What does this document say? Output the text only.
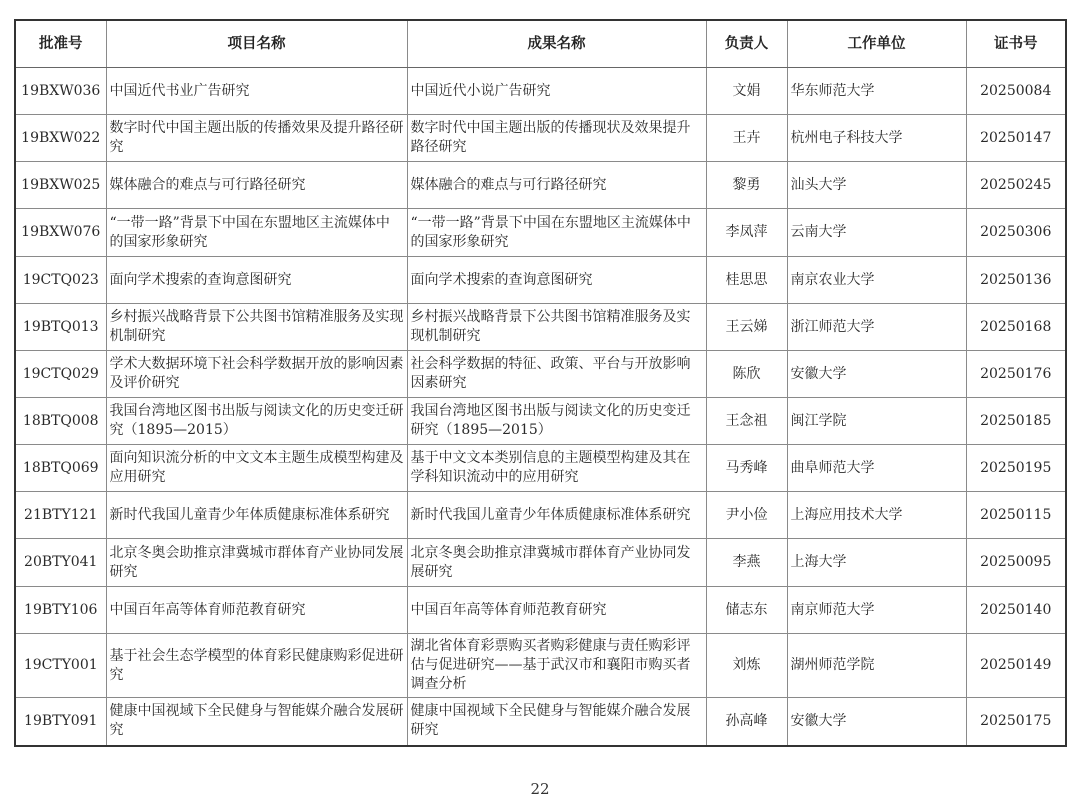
批准号	项目名称	成果名称	负责人	工作单位	证书号
19BXW036	中国近代书业广告研究	中国近代小说广告研究	文娟	华东师范大学	20250084
19BXW022	数字时代中国主题出版的传播效果及提升路径研究	数字时代中国主题出版的传播现状及效果提升路径研究	王卉	杭州电子科技大学	20250147
19BXW025	媒体融合的难点与可行路径研究	媒体融合的难点与可行路径研究	黎勇	汕头大学	20250245
19BXW076	“一带一路”背景下中国在东盟地区主流媒体中的国家形象研究	“一带一路”背景下中国在东盟地区主流媒体中的国家形象研究	李凤萍	云南大学	20250306
19CTQ023	面向学术搜索的查询意图研究	面向学术搜索的查询意图研究	桂思思	南京农业大学	20250136
19BTQ013	乡村振兴战略背景下公共图书馆精准服务及实现机制研究	乡村振兴战略背景下公共图书馆精准服务及实现机制研究	王云娣	浙江师范大学	20250168
19CTQ029	学术大数据环境下社会科学数据开放的影响因素及评价研究	社会科学数据的特征、政策、平台与开放影响因素研究	陈欣	安徽大学	20250176
18BTQ008	我国台湾地区图书出版与阅读文化的历史变迁研究（1895—2015）	我国台湾地区图书出版与阅读文化的历史变迁研究（1895—2015）	王念祖	闽江学院	20250185
18BTQ069	面向知识流分析的中文文本主题生成模型构建及应用研究	基于中文文本类别信息的主题模型构建及其在学科知识流动中的应用研究	马秀峰	曲阜师范大学	20250195
21BTY121	新时代我国儿童青少年体质健康标准体系研究	新时代我国儿童青少年体质健康标准体系研究	尹小俭	上海应用技术大学	20250115
20BTY041	北京冬奥会助推京津冀城市群体育产业协同发展研究	北京冬奥会助推京津冀城市群体育产业协同发展研究	李燕	上海大学	20250095
19BTY106	中国百年高等体育师范教育研究	中国百年高等体育师范教育研究	储志东	南京师范大学	20250140
19CTY001	基于社会生态学模型的体育彩民健康购彩促进研究	湖北省体育彩票购买者购彩健康与责任购彩评估与促进研究——基于武汉市和襄阳市购买者调查分析	刘炼	湖州师范学院	20250149
19BTY091	健康中国视域下全民健身与智能媒介融合发展研究	健康中国视域下全民健身与智能媒介融合发展研究	孙高峰	安徽大学	20250175
22
